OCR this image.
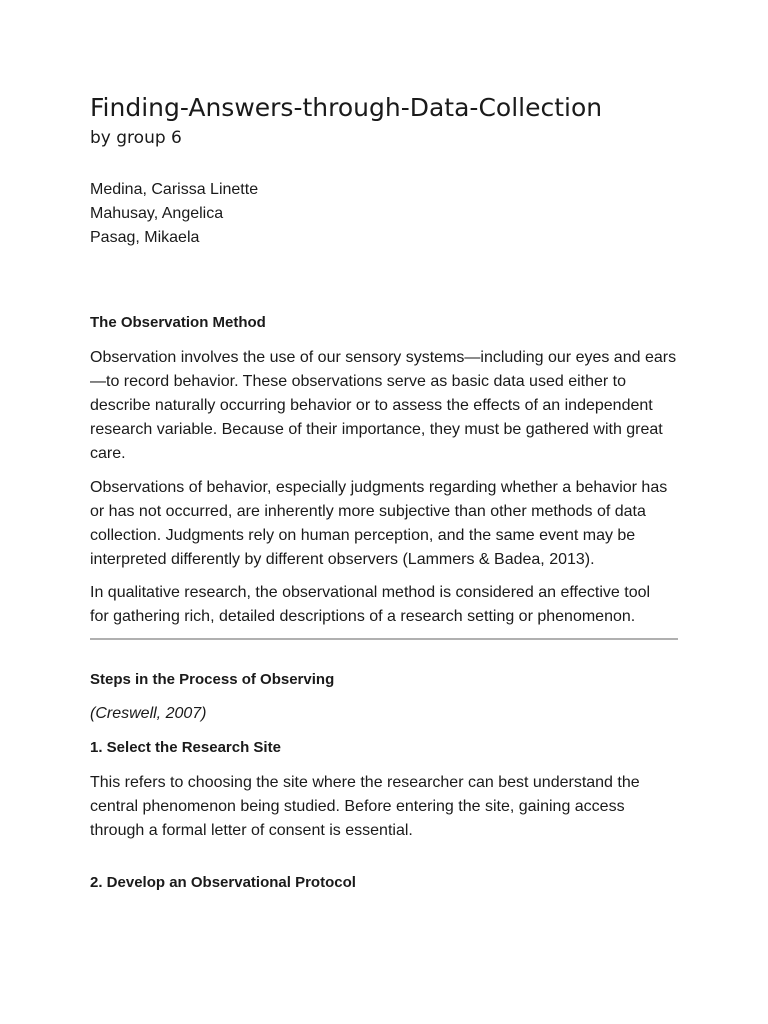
Finding-Answers-through-Data-Collection
by group 6
Medina, Carissa Linette
Mahusay, Angelica
Pasag, Mikaela
The Observation Method
Observation involves the use of our sensory systems—including our eyes and ears
—to record behavior. These observations serve as basic data used either to
describe naturally occurring behavior or to assess the effects of an independent
research variable. Because of their importance, they must be gathered with great
care.
Observations of behavior, especially judgments regarding whether a behavior has
or has not occurred, are inherently more subjective than other methods of data
collection. Judgments rely on human perception, and the same event may be
interpreted differently by different observers (Lammers & Badea, 2013).
In qualitative research, the observational method is considered an effective tool
for gathering rich, detailed descriptions of a research setting or phenomenon.
Steps in the Process of Observing
(Creswell, 2007)
1. Select the Research Site
This refers to choosing the site where the researcher can best understand the
central phenomenon being studied. Before entering the site, gaining access
through a formal letter of consent is essential.
2. Develop an Observational Protocol
